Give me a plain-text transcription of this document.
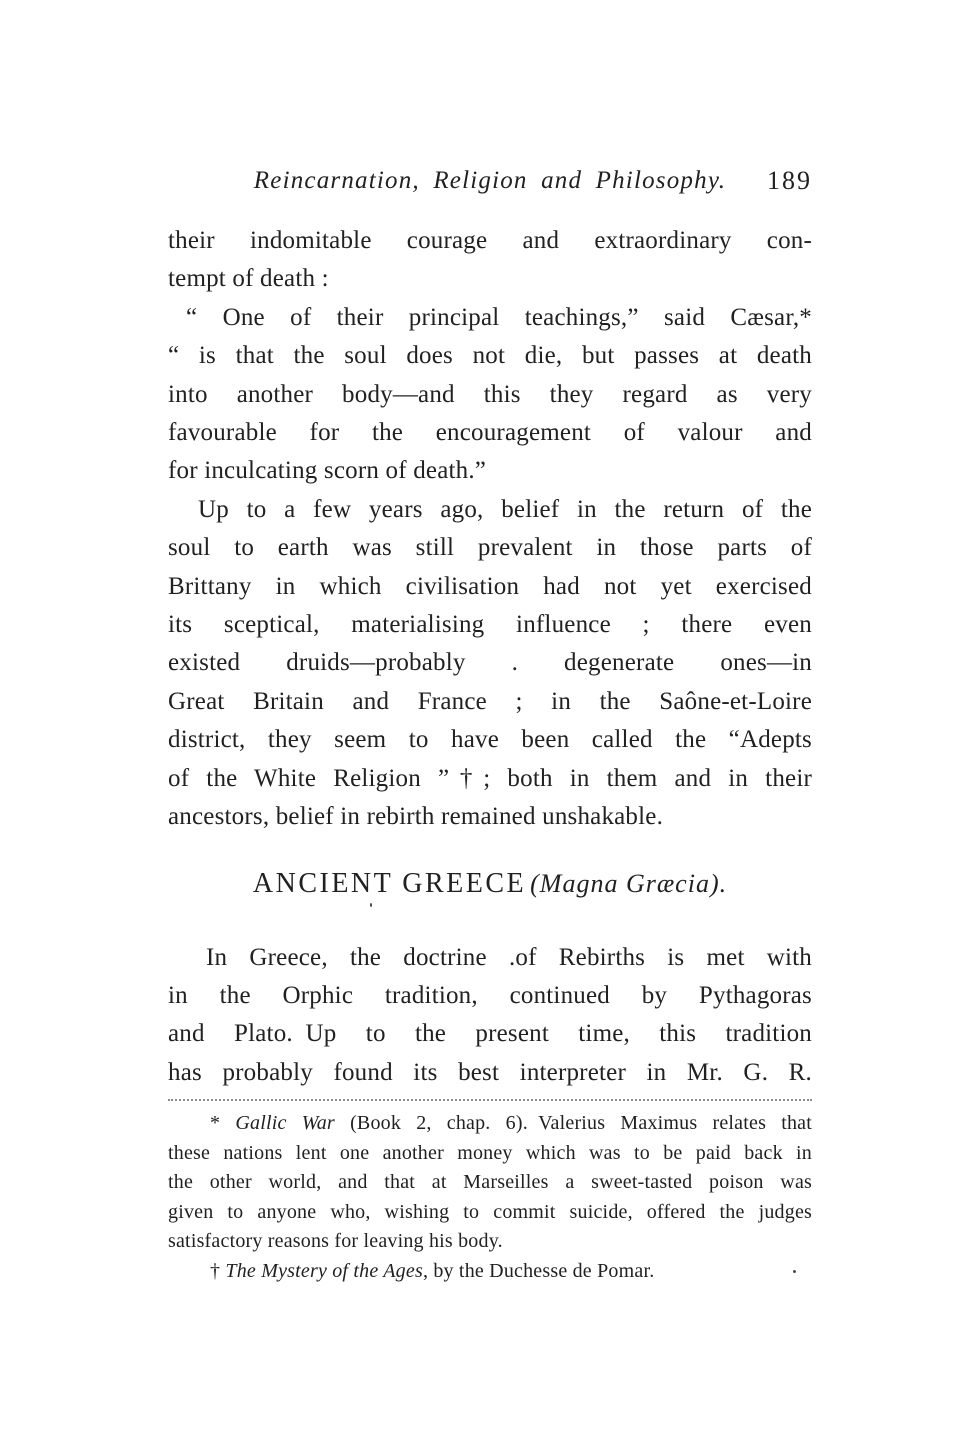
Reincarnation, Religion and Philosophy.	189
their indomitable courage and extraordinary con-
tempt of death :
“ One of their principal teachings,” said Cæsar,*
“ is that the soul does not die, but passes at death
into another body—and this they regard as very
favourable for the encouragement of valour and
for inculcating scorn of death.”
Up to a few years ago, belief in the return of the
soul to earth was still prevalent in those parts of
Brittany in which civilisation had not yet exercised
its sceptical, materialising influence ; there even
existed druids—probably . degenerate ones—in
Great Britain and France ; in the Saône-et-Loire
district, they seem to have been called the “Adepts
of the White Religion ”†; both in them and in their
ancestors, belief in rebirth remained unshakable.
ANCIENT GREECE (Magna Græcia).
In Greece, the doctrine .of Rebirths is met with
in the Orphic tradition, continued by Pythagoras
and Plato. Up to the present time, this tradition
has probably found its best interpreter in Mr. G. R.
* Gallic War (Book 2, chap. 6). Valerius Maximus relates that
these nations lent one another money which was to be paid back in
the other world, and that at Marseilles a sweet-tasted poison was
given to anyone who, wishing to commit suicide, offered the judges
satisfactory reasons for leaving his body.
† The Mystery of the Ages, by the Duchesse de Pomar.
